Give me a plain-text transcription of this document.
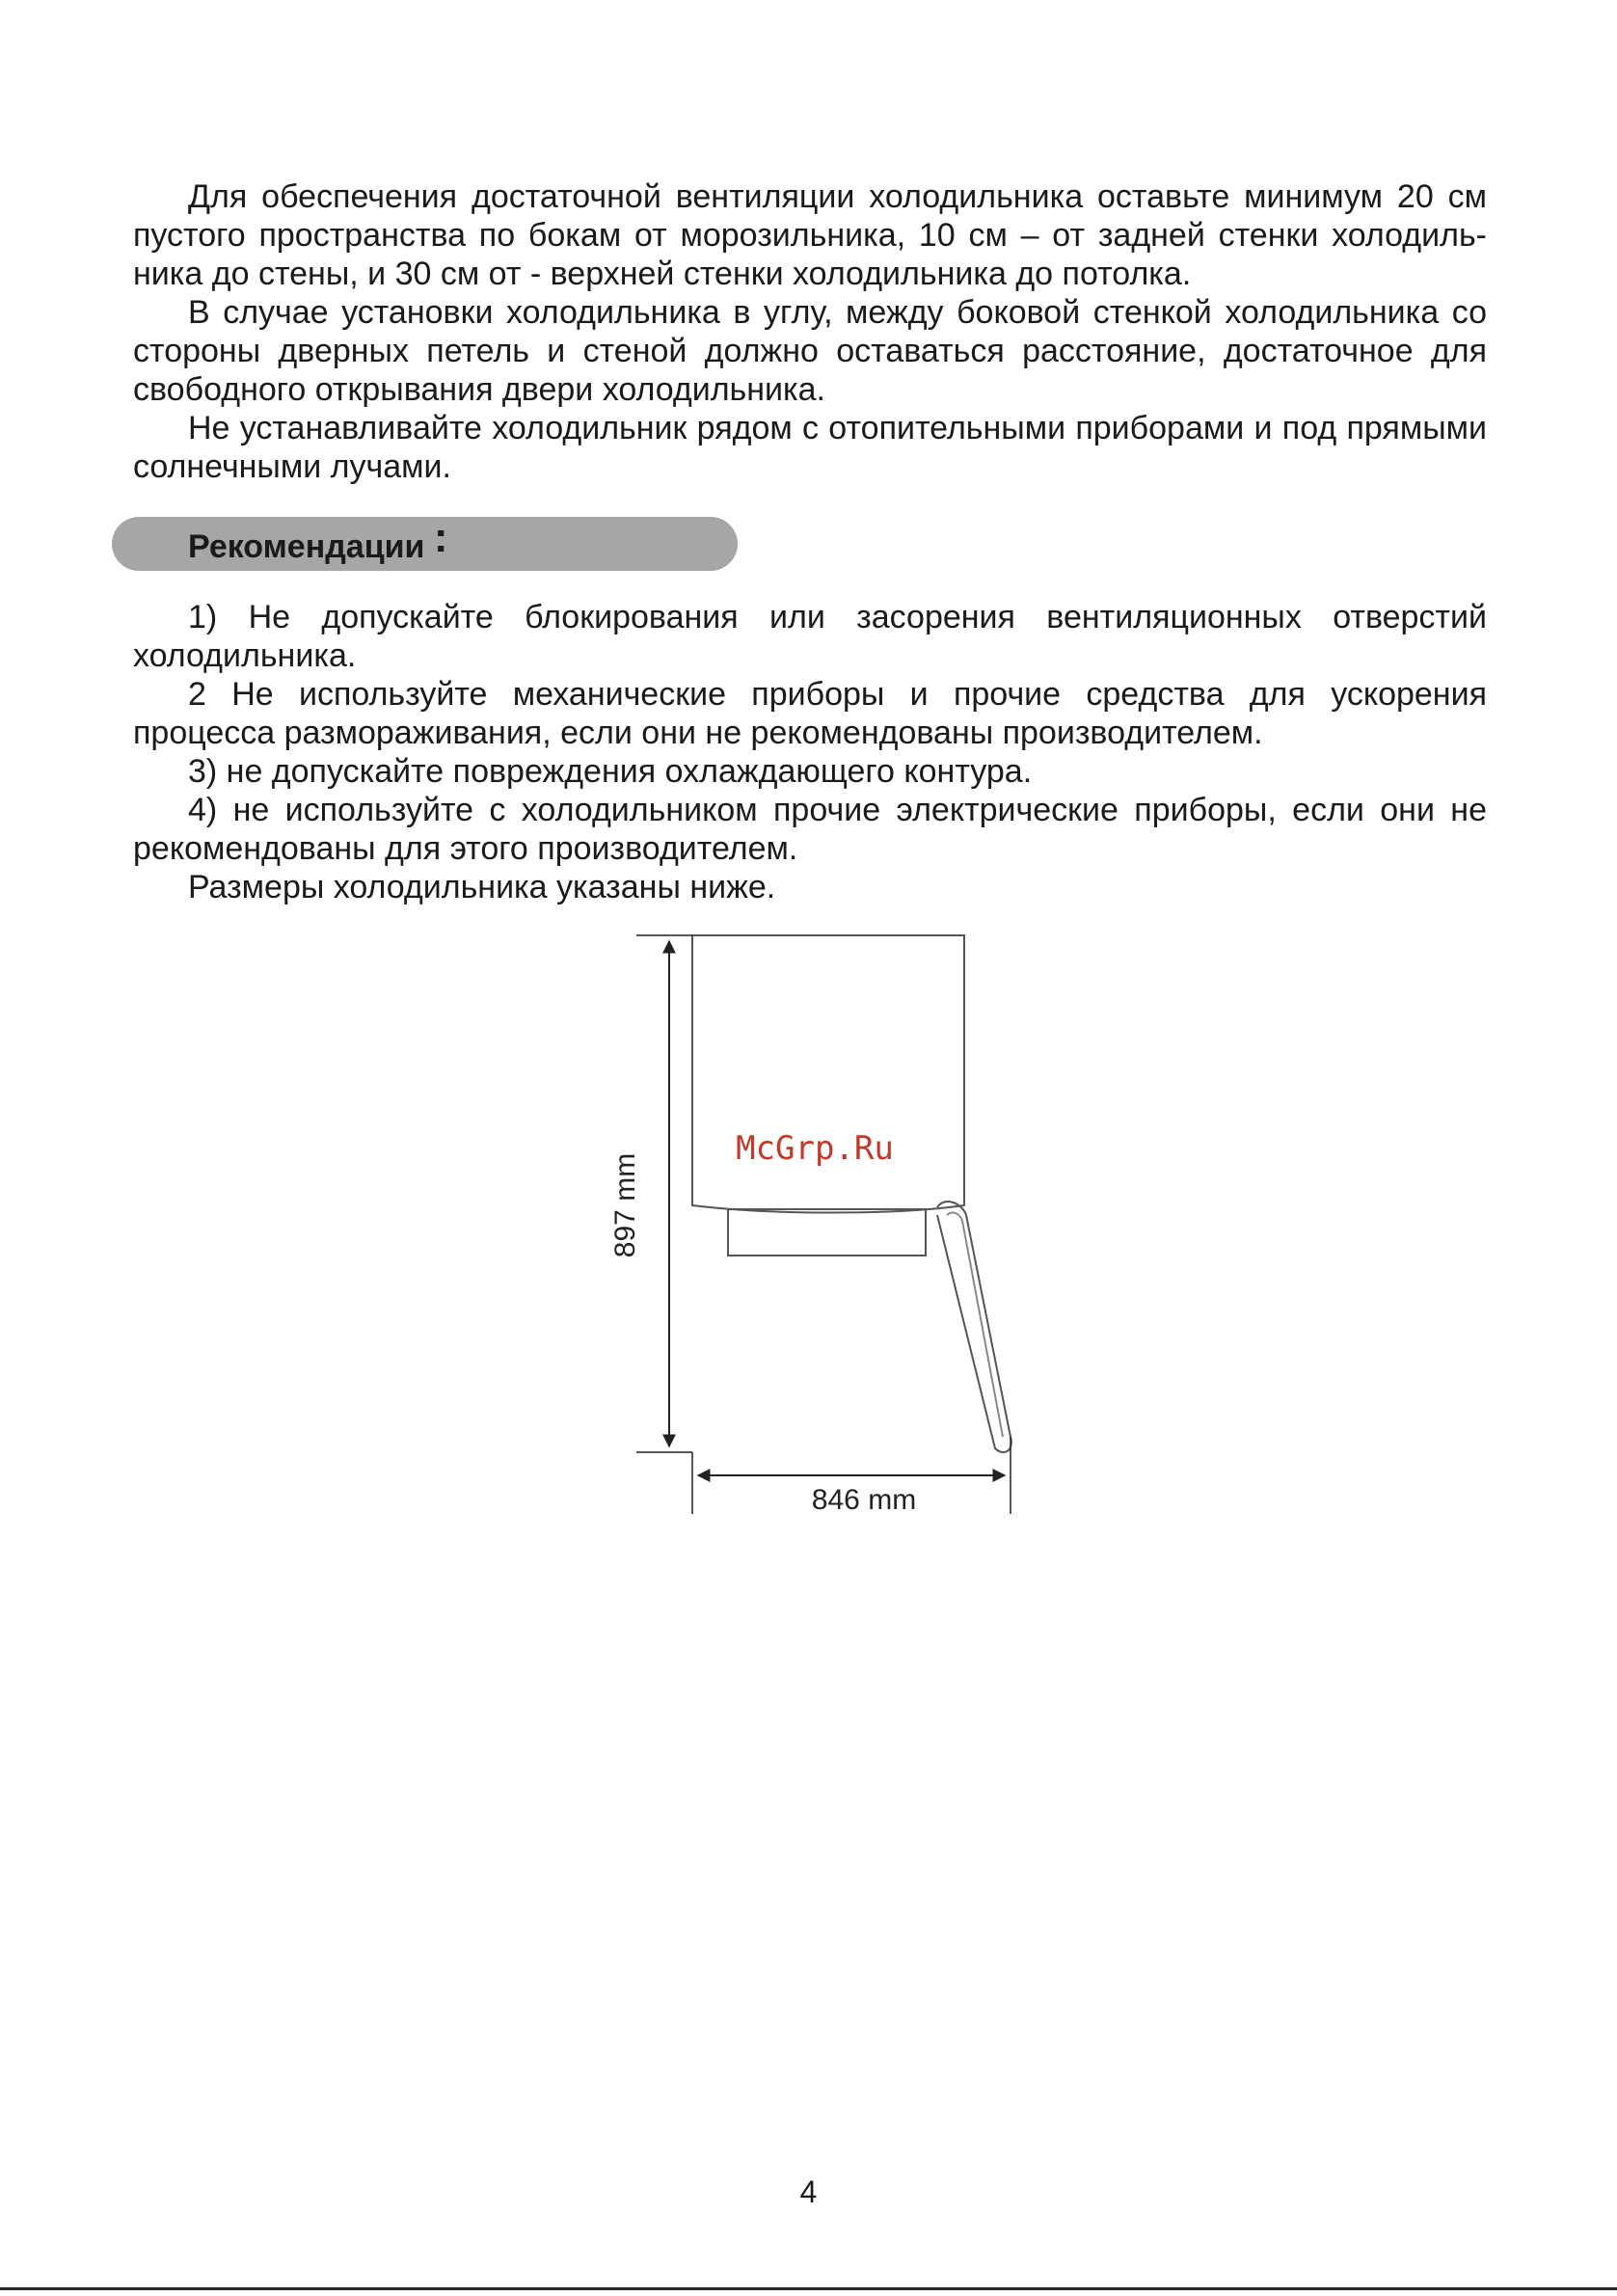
Для обеспечения достаточной вентиляции холодильника оставьте минимум 20 см пустого пространства по бокам от морозильника, 10 см – от задней стенки холодиль-ника до стены, и 30 см от - верхней стенки холодильника до потолка.

В случае установки холодильника в углу, между боковой стенкой холодильника со стороны дверных петель и стеной должно оставаться расстояние, достаточное для свободного открывания двери холодильника.

Не устанавливайте холодильник рядом с отопительными приборами и под прямыми солнечными лучами.

Рекомендации :

1) Не допускайте блокирования или засорения вентиляционных отверстий холодильника.

2 Не используйте механические приборы и прочие средства для ускорения процесса размораживания, если они не рекомендованы производителем.

3) не допускайте повреждения охлаждающего контура.

4) не используйте с холодильником прочие электрические приборы, если они не рекомендованы для этого производителем.

Размеры холодильника указаны ниже.

897 mm
846 mm
McGrp.Ru
4
